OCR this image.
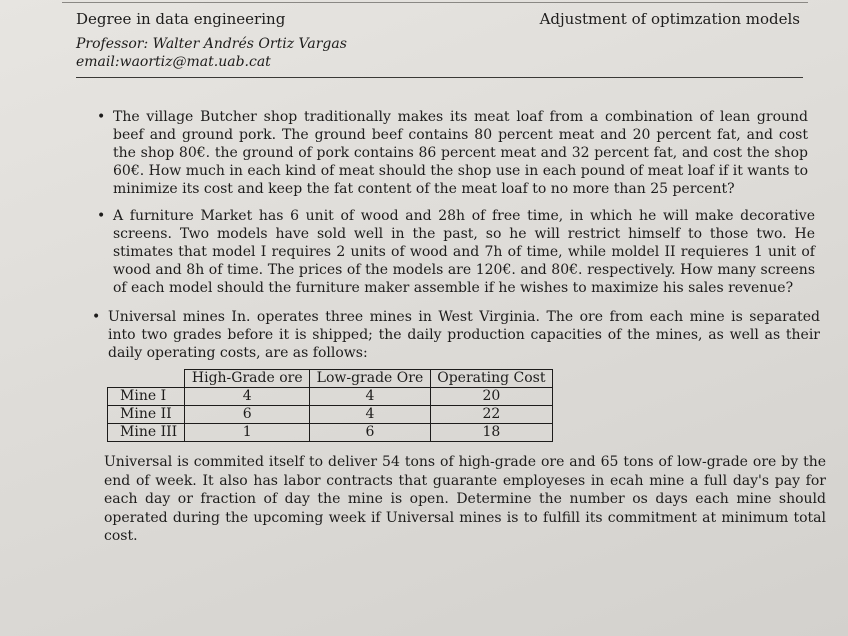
Degree in data engineering	Adjustment of optimzation models
Professor: Walter Andrés Ortiz Vargas
email:waortiz@mat.uab.cat
• The village Butcher shop traditionally makes its meat loaf from a combination of lean ground beef and ground pork. The ground beef contains 80 percent meat and 20 percent fat, and cost the shop 80€. the ground of pork contains 86 percent meat and 32 percent fat, and cost the shop 60€. How much in each kind of meat should the shop use in each pound of meat loaf if it wants to minimize its cost and keep the fat content of the meat loaf to no more than 25 percent?
• A furniture Market has 6 unit of wood and 28h of free time, in which he will make decorative screens. Two models have sold well in the past, so he will restrict himself to those two. He stimates that model I requires 2 units of wood and 7h of time, while moldel II requieres 1 unit of wood and 8h of time. The prices of the models are 120€. and 80€. respectively. How many screens of each model should the furniture maker assemble if he wishes to maximize his sales revenue?
• Universal mines In. operates three mines in West Virginia. The ore from each mine is separated into two grades before it is shipped; the daily production capacities of the mines, as well as their daily operating costs, are as follows:
	High-Grade ore	Low-grade Ore	Operating Cost
Mine I	4	4	20
Mine II	6	4	22
Mine III	1	6	18
Universal is commited itself to deliver 54 tons of high-grade ore and 65 tons of low-grade ore by the end of week. It also has labor contracts that guarante employeses in ecah mine a full day's pay for each day or fraction of day the mine is open. Determine the number os days each mine should operated during the upcoming week if Universal mines is to fulfill its commitment at minimum total cost.
